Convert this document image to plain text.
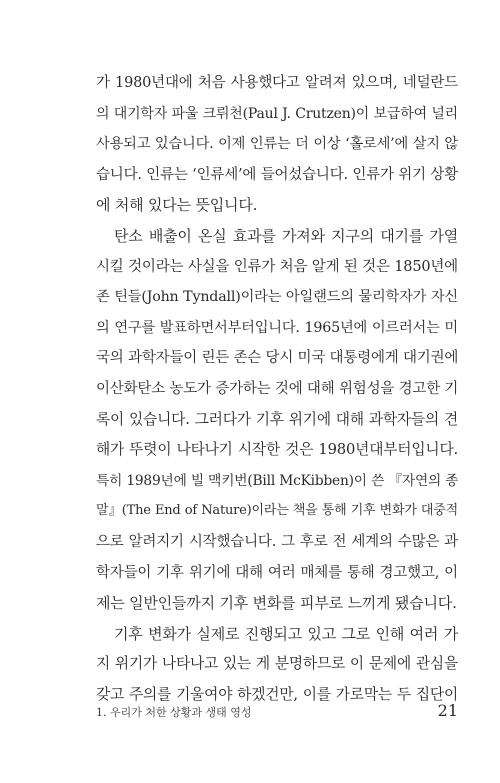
가 1980년대에 처음 사용했다고 알려져 있으며, 네덜란드
의 대기학자 파울 크뤼천(Paul J. Crutzen)이 보급하여 널리
사용되고 있습니다. 이제 인류는 더 이상 ‘홀로세’에 살지 않
습니다. 인류는 ‘인류세’에 들어섰습니다. 인류가 위기 상황
에 처해 있다는 뜻입니다.
탄소 배출이 온실 효과를 가져와 지구의 대기를 가열
시킬 것이라는 사실을 인류가 처음 알게 된 것은 1850년에
존 틴들(John Tyndall)이라는 아일랜드의 물리학자가 자신
의 연구를 발표하면서부터입니다. 1965년에 이르러서는 미
국의 과학자들이 린든 존슨 당시 미국 대통령에게 대기권에
이산화탄소 농도가 증가하는 것에 대해 위험성을 경고한 기
록이 있습니다. 그러다가 기후 위기에 대해 과학자들의 견
해가 뚜렷이 나타나기 시작한 것은 1980년대부터입니다.
특히 1989년에 빌 맥키번(Bill McKibben)이 쓴 『자연의 종
말』(The End of Nature)이라는 책을 통해 기후 변화가 대중적
으로 알려지기 시작했습니다. 그 후로 전 세계의 수많은 과
학자들이 기후 위기에 대해 여러 매체를 통해 경고했고, 이
제는 일반인들까지 기후 변화를 피부로 느끼게 됐습니다.
기후 변화가 실제로 진행되고 있고 그로 인해 여러 가
지 위기가 나타나고 있는 게 분명하므로 이 문제에 관심을
갖고 주의를 기울여야 하겠건만, 이를 가로막는 두 집단이
1. 우리가 처한 상황과 생태 영성	21
